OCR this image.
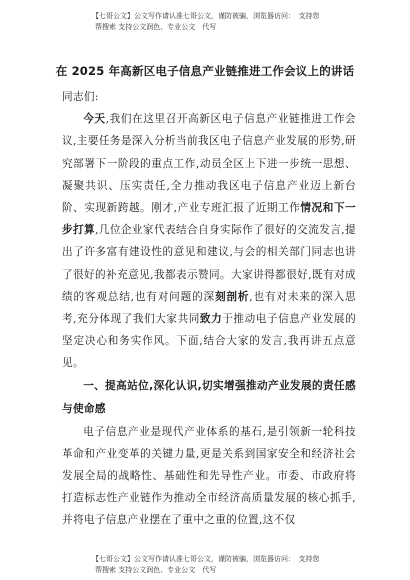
【七哥公文】公文写作请认准七哥公文，谨防被骗，浏览器访问：　支持您
帮搜索 支持公文润色、专业公文　代写
在 2025 年高新区电子信息产业链推进工作会议上的讲话

同志们:

今天,我们在这里召开高新区电子信息产业链推进工作会议,主要任务是深入分析当前我区电子信息产业发展的形势,研究部署下一阶段的重点工作,动员全区上下进一步统一思想、凝聚共识、压实责任,全力推动我区电子信息产业迈上新台阶、实现新跨越。刚才,产业专班汇报了近期工作情况和下一步打算,几位企业家代表结合自身实际作了很好的交流发言,提出了许多富有建设性的意见和建议,与会的相关部门同志也讲了很好的补充意见,我都表示赞同。大家讲得都很好,既有对成绩的客观总结,也有对问题的深刻剖析,也有对未来的深入思考,充分体现了我们大家共同致力于推动电子信息产业发展的坚定决心和务实作风。下面,结合大家的发言,我再讲五点意见。

一、提高站位,深化认识,切实增强推动产业发展的责任感与使命感

电子信息产业是现代产业体系的基石,是引领新一轮科技革命和产业变革的关键力量,更是关系到国家安全和经济社会发展全局的战略性、基础性和先导性产业。市委、市政府将打造标志性产业链作为推动全市经济高质量发展的核心抓手,并将电子信息产业摆在了重中之重的位置,这不仅

【七哥公文】公文写作请认准七哥公文，谨防被骗，浏览器访问：　支持您
帮搜索 支持公文润色、专业公文　代写
